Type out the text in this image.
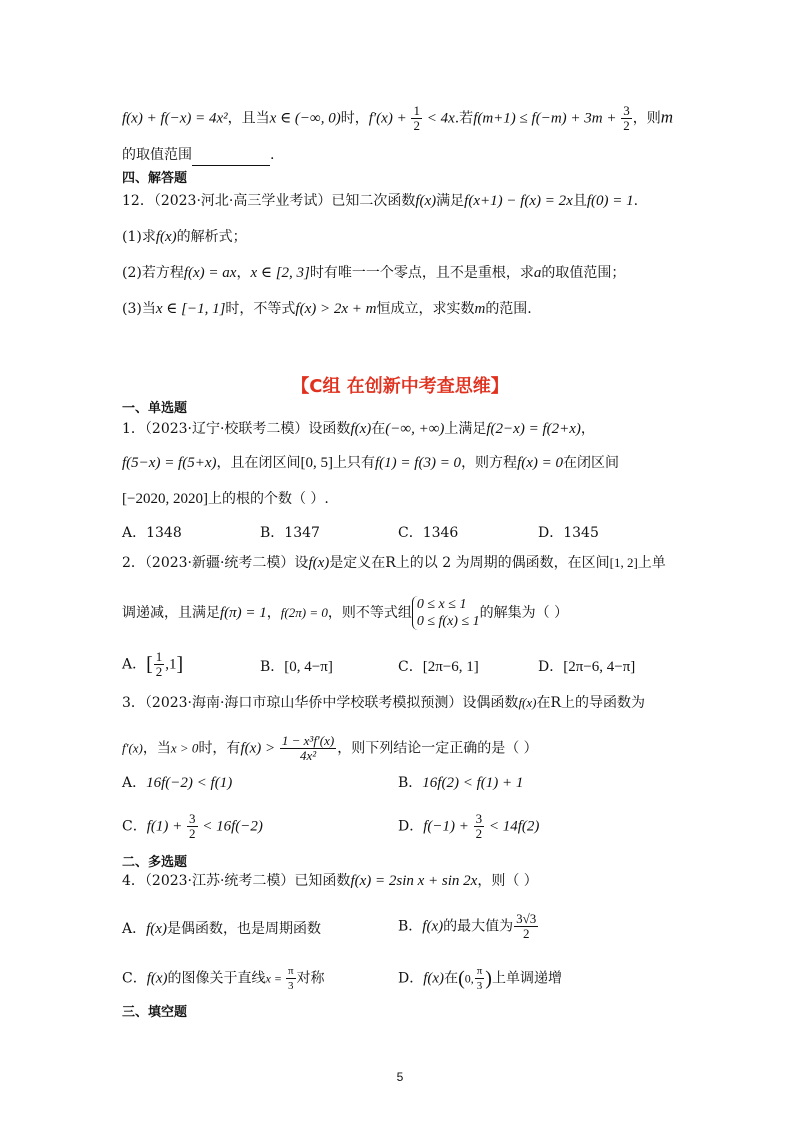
f(x) + f(−x) = 4x²，且当x ∈ (−∞, 0)时，$f'(x) + \frac{1}{2} < 4x$.若$f(m+1) \le f(-m) + 3m + \frac{3}{2}$ ，则m
的取值范围	.
四、解答题
12．（2023·河北·高三学业考试）已知二次函数f(x)满足f(x+1) − f(x) = 2x且f(0) = 1.
(1)求f(x)的解析式；
(2)若方程f(x) = ax，x ∈ [2, 3]时有唯一一个零点，且不是重根，求a的取值范围；
(3)当x ∈ [−1, 1]时，不等式f(x) > 2x + m恒成立，求实数m的范围.
【C组 在创新中考查思维】
一、单选题
1．（2023·辽宁·校联考二模）设函数f(x)在(−∞, +∞)上满足f(2−x) = f(2+x)，
f(5−x) = f(5+x)，且在闭区间[0, 5]上只有f(1) = f(3) = 0，则方程f(x) = 0在闭区间
[−2020, 2020]上的根的个数（ ）.
A．1348	B．1347	C．1346	D．1345
2．（2023·新疆·统考二模）设f(x)是定义在R上的以 2 为周期的偶函数，在区间[1, 2]上单
调递减，且满足f(π) = 1，f(2π) = 0，则不等式组
0 ≤ x ≤ 1
0 ≤ f(x) ≤ 1
的解集为（ ）
A．[ $\frac{1}{2} ,1$]	B．[0, 4−π]	C．[2π−6, 1]	D．[2π−6, 4−π]
3．（2023·海南·海口市琼山华侨中学校联考模拟预测）设偶函数f(x)在R上的导函数为
f′(x)，当x > 0时，有$f(x) > \frac{\text{1 − x³f′(x)}}{\text{4x²}}$ ，则下列结论一定正确的是（ ）
A．16f(−2) < f(1)	B．16f(2) < f(1) + 1
C．$f(1) + \frac{3}{2} < 16f(-2)$	D．$f(-1) + \frac{3}{2} < 14f(2)$
二、多选题
4．（2023·江苏·统考二模）已知函数f(x) = 2sin x + sin 2x，则（ ）
A．f(x)是偶函数，也是周期函数	B．f(x)的最大值为 $\frac{3√3}{2}$
C．f(x)的图像关于直线$x = \frac{\pi}{3}$ 对称	D．f(x)在(0, $\frac{\pi}{3}$ )上单调递增
三、填空题
5
